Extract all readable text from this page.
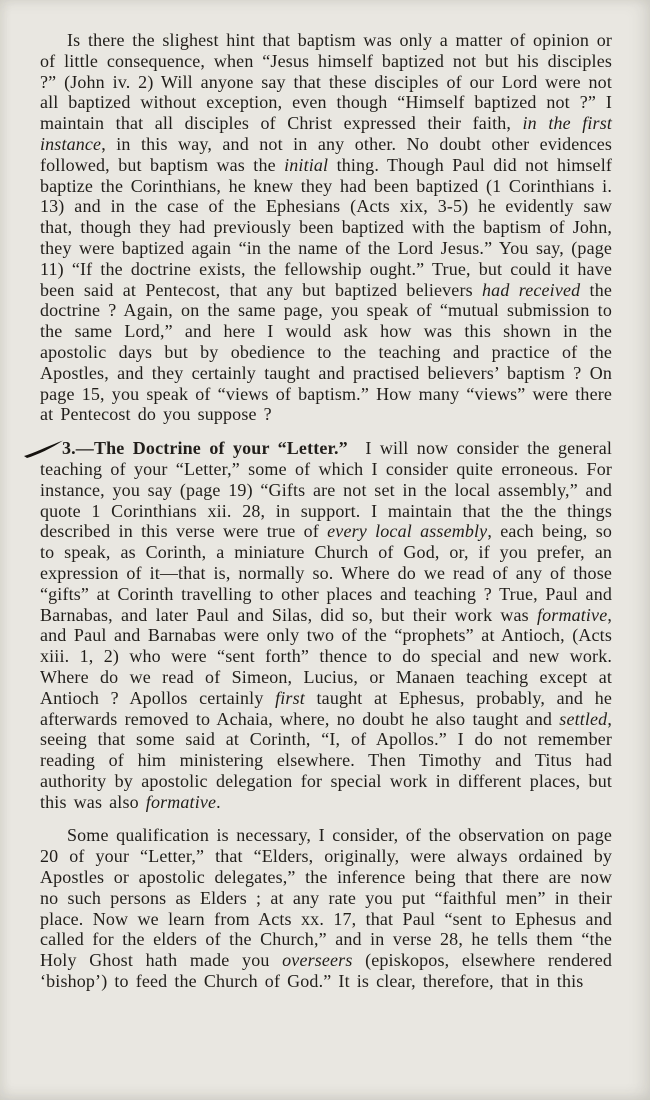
Is there the slighest hint that baptism was only a matter of opinion or of little consequence, when “Jesus himself baptized not but his disciples ?” (John iv. 2) Will anyone say that these disciples of our Lord were not all baptized without exception, even though “Himself baptized not ?” I maintain that all disciples of Christ expressed their faith, in the first instance, in this way, and not in any other. No doubt other evidences followed, but baptism was the initial thing. Though Paul did not himself baptize the Corinthians, he knew they had been baptized (1 Corinthians i. 13) and in the case of the Ephesians (Acts xix, 3-5) he evidently saw that, though they had previously been baptized with the baptism of John, they were baptized again “in the name of the Lord Jesus.” You say, (page 11) “If the doctrine exists, the fellowship ought.” True, but could it have been said at Pentecost, that any but baptized believers had received the doctrine ? Again, on the same page, you speak of “mutual submission to the same Lord,” and here I would ask how was this shown in the apostolic days but by obedience to the teaching and practice of the Apostles, and they certainly taught and practised believers’ baptism ? On page 15, you speak of “views of baptism.” How many “views” were there at Pentecost do you suppose ?

3.—The Doctrine of your “Letter.”  I will now consider the general teaching of your “Letter,” some of which I consider quite erroneous. For instance, you say (page 19) “Gifts are not set in the local assembly,” and quote 1 Corinthians xii. 28, in support. I maintain that the the things described in this verse were true of every local assembly, each being, so to speak, as Corinth, a miniature Church of God, or, if you prefer, an expression of it—that is, normally so. Where do we read of any of those “gifts” at Corinth travelling to other places and teaching ? True, Paul and Barnabas, and later Paul and Silas, did so, but their work was formative, and Paul and Barnabas were only two of the “prophets” at Antioch, (Acts xiii. 1, 2) who were “sent forth” thence to do special and new work. Where do we read of Simeon, Lucius, or Manaen teaching except at Antioch ? Apollos certainly first taught at Ephesus, probably, and he afterwards removed to Achaia, where, no doubt he also taught and settled, seeing that some said at Corinth, “I, of Apollos.” I do not remember reading of him ministering elsewhere. Then Timothy and Titus had authority by apostolic delegation for special work in different places, but this was also formative.

Some qualification is necessary, I consider, of the observation on page 20 of your “Letter,” that “Elders, originally, were always ordained by Apostles or apostolic delegates,” the inference being that there are now no such persons as Elders ; at any rate you put “faithful men” in their place. Now we learn from Acts xx. 17, that Paul “sent to Ephesus and called for the elders of the Church,” and in verse 28, he tells them “the Holy Ghost hath made you overseers (episkopos, elsewhere rendered ‘bishop’) to feed the Church of God.” It is clear, therefore, that in this
